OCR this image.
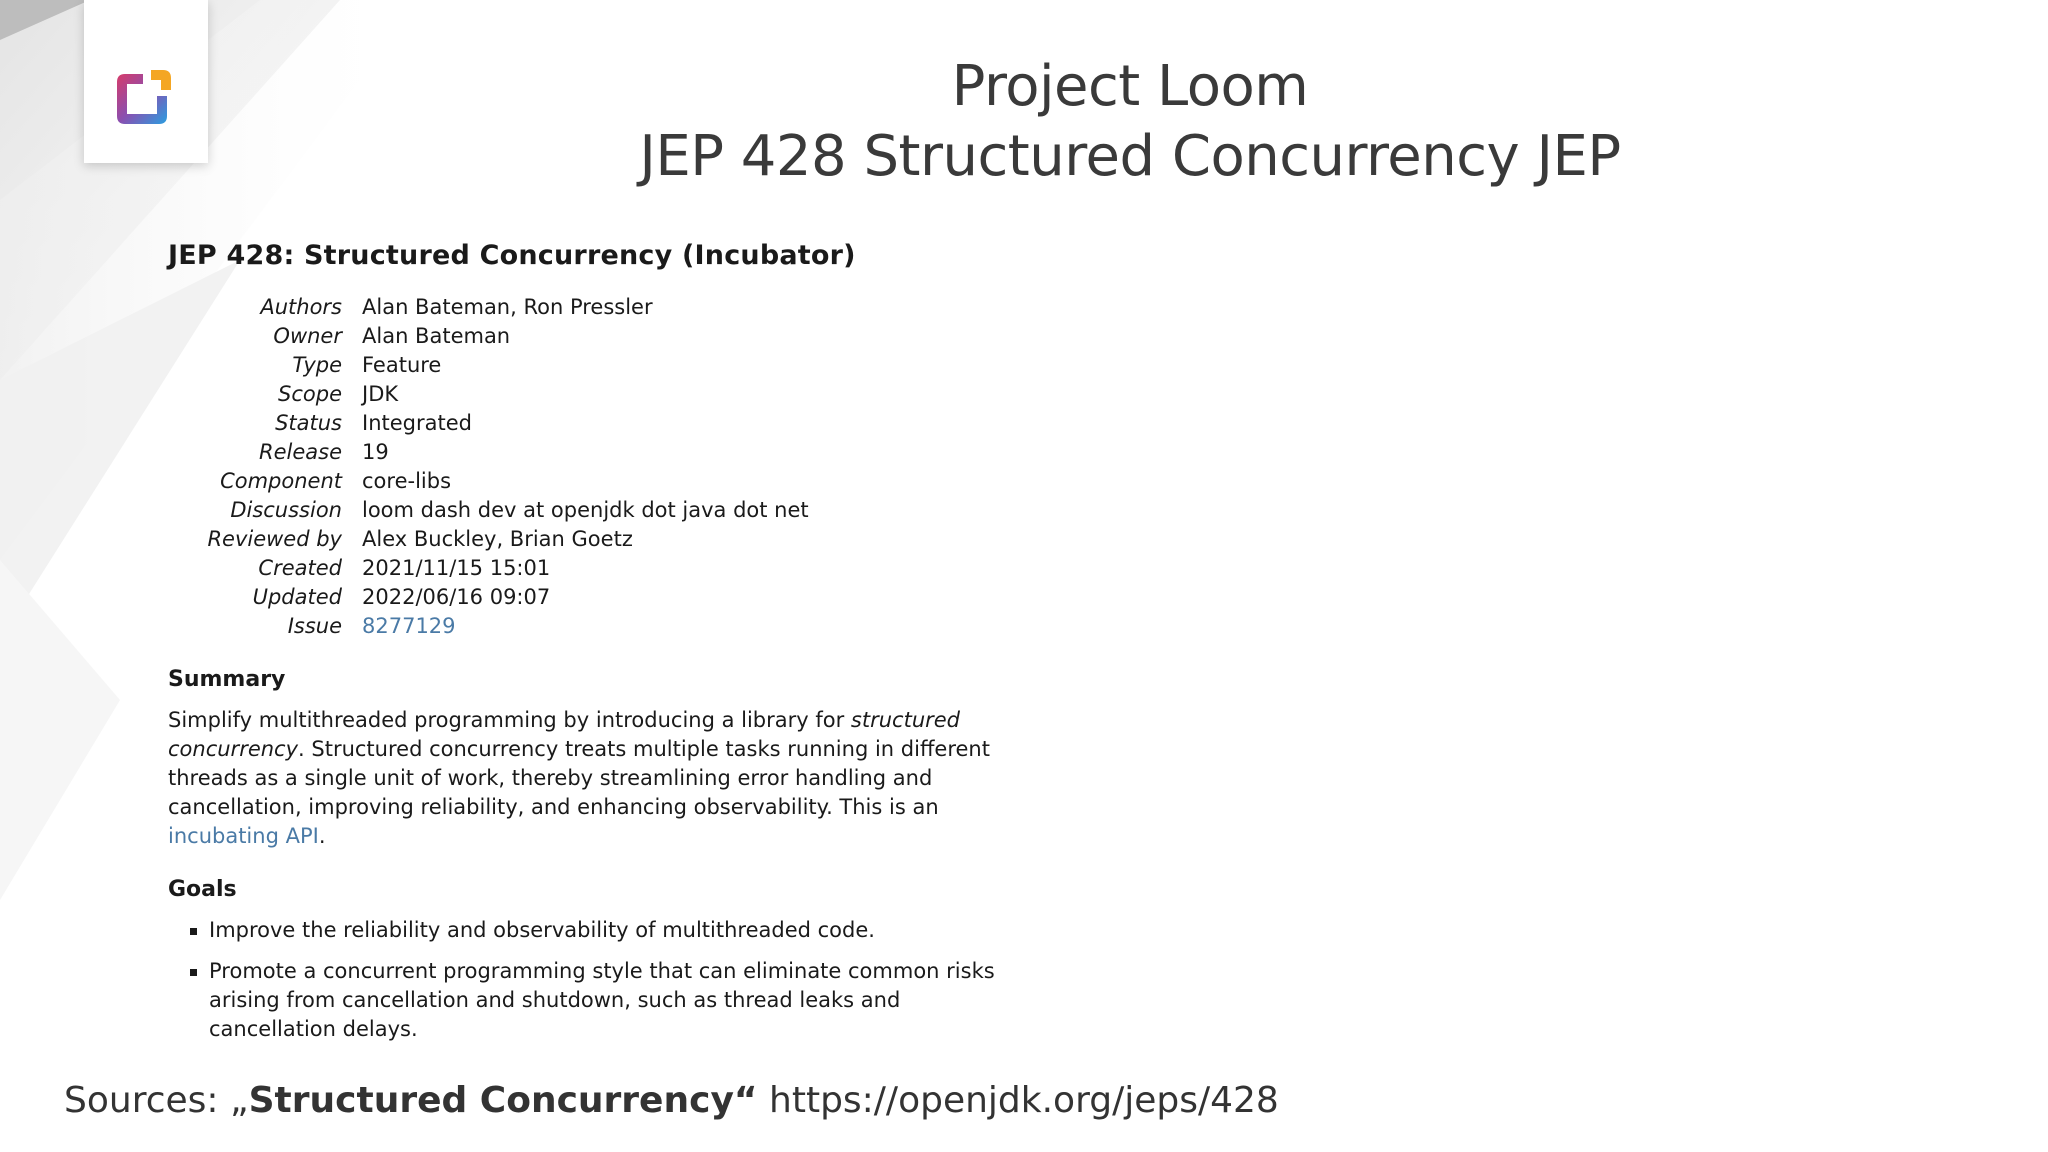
Project Loom
JEP 428 Structured Concurrency JEP
JEP 428: Structured Concurrency (Incubator)
Authors Alan Bateman, Ron Pressler
Owner Alan Bateman
Type Feature
Scope JDK
Status Integrated
Release 19
Component core-libs
Discussion loom dash dev at openjdk dot java dot net
Reviewed by Alex Buckley, Brian Goetz
Created 2021/11/15 15:01
Updated 2022/06/16 09:07
Issue 8277129
Summary

Simplify multithreaded programming by introducing a library for structured concurrency. Structured concurrency treats multiple tasks running in different threads as a single unit of work, thereby streamlining error handling and cancellation, improving reliability, and enhancing observability. This is an incubating API.

Goals
Improve the reliability and observability of multithreaded code.
Promote a concurrent programming style that can eliminate common risks arising from cancellation and shutdown, such as thread leaks and cancellation delays.
Sources: „Structured Concurrency“ https://openjdk.org/jeps/428
